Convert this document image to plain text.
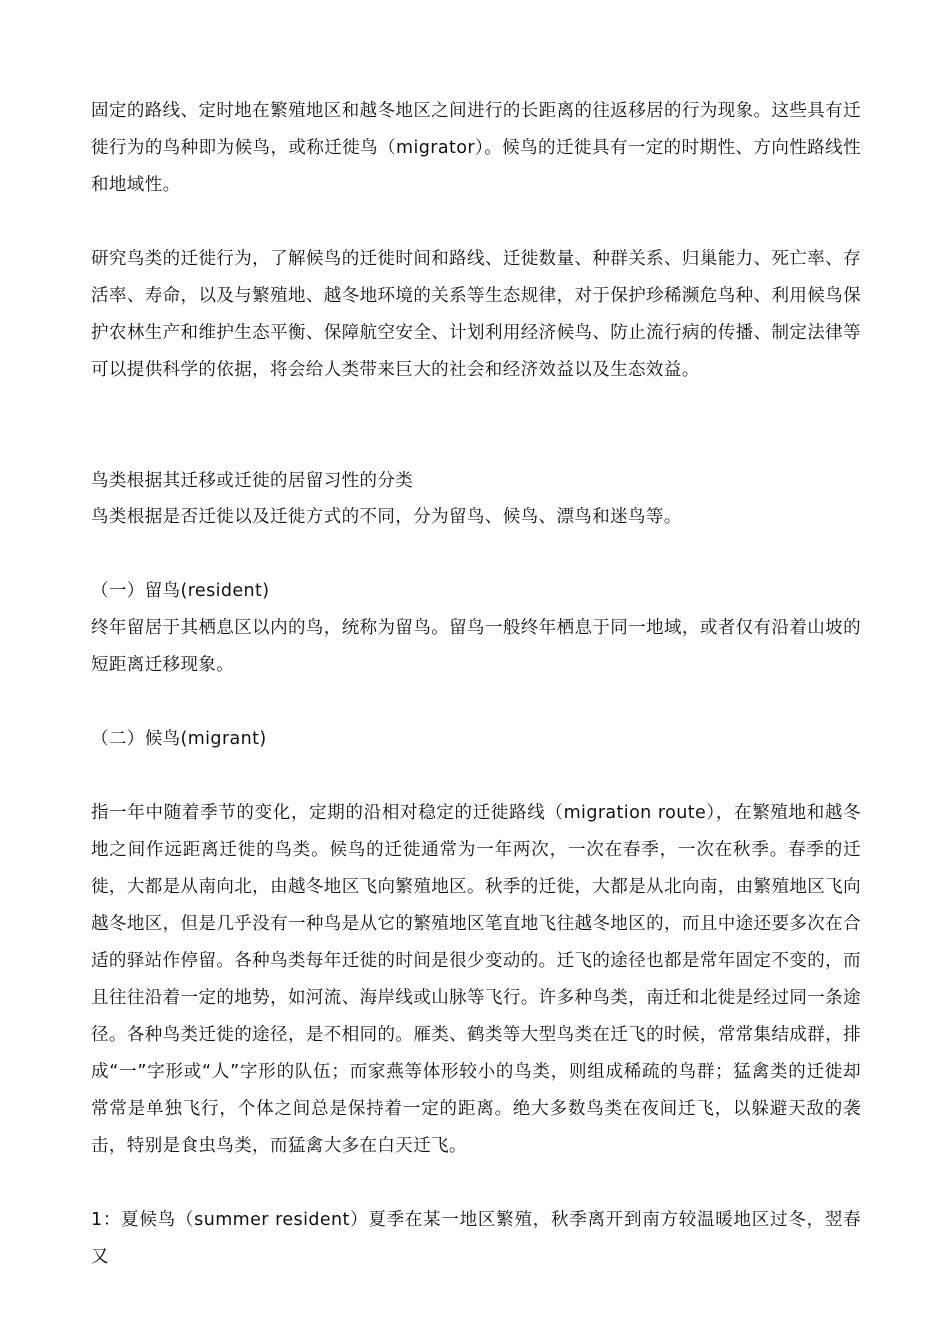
固定的路线、定时地在繁殖地区和越冬地区之间进行的长距离的往返移居的行为现象。这些具有迁徙行为的鸟种即为候鸟，或称迁徙鸟（migrator）。候鸟的迁徙具有一定的时期性、方向性路线性和地域性。

研究鸟类的迁徙行为，了解候鸟的迁徙时间和路线、迁徙数量、种群关系、归巢能力、死亡率、存活率、寿命，以及与繁殖地、越冬地环境的关系等生态规律，对于保护珍稀濒危鸟种、利用候鸟保护农林生产和维护生态平衡、保障航空安全、计划利用经济候鸟、防止流行病的传播、制定法律等可以提供科学的依据，将会给人类带来巨大的社会和经济效益以及生态效益。

鸟类根据其迁移或迁徙的居留习性的分类

鸟类根据是否迁徙以及迁徙方式的不同，分为留鸟、候鸟、漂鸟和迷鸟等。

（一）留鸟(resident)

终年留居于其栖息区以内的鸟，统称为留鸟。留鸟一般终年栖息于同一地域，或者仅有沿着山坡的短距离迁移现象。

（二）候鸟(migrant)

指一年中随着季节的变化，定期的沿相对稳定的迁徙路线（migration route），在繁殖地和越冬地之间作远距离迁徙的鸟类。候鸟的迁徙通常为一年两次，一次在春季，一次在秋季。春季的迁徙，大都是从南向北，由越冬地区飞向繁殖地区。秋季的迁徙，大都是从北向南，由繁殖地区飞向越冬地区，但是几乎没有一种鸟是从它的繁殖地区笔直地飞往越冬地区的，而且中途还要多次在合适的驿站作停留。各种鸟类每年迁徙的时间是很少变动的。迁飞的途径也都是常年固定不变的，而且往往沿着一定的地势，如河流、海岸线或山脉等飞行。许多种鸟类，南迁和北徙是经过同一条途径。各种鸟类迁徙的途径，是不相同的。雁类、鹤类等大型鸟类在迁飞的时候，常常集结成群，排成“一”字形或“人”字形的队伍；而家燕等体形较小的鸟类，则组成稀疏的鸟群；猛禽类的迁徙却常常是单独飞行，个体之间总是保持着一定的距离。绝大多数鸟类在夜间迁飞，以躲避天敌的袭击，特别是食虫鸟类，而猛禽大多在白天迁飞。

1：夏候鸟（summer resident）夏季在某一地区繁殖，秋季离开到南方较温暖地区过冬，翌春又
